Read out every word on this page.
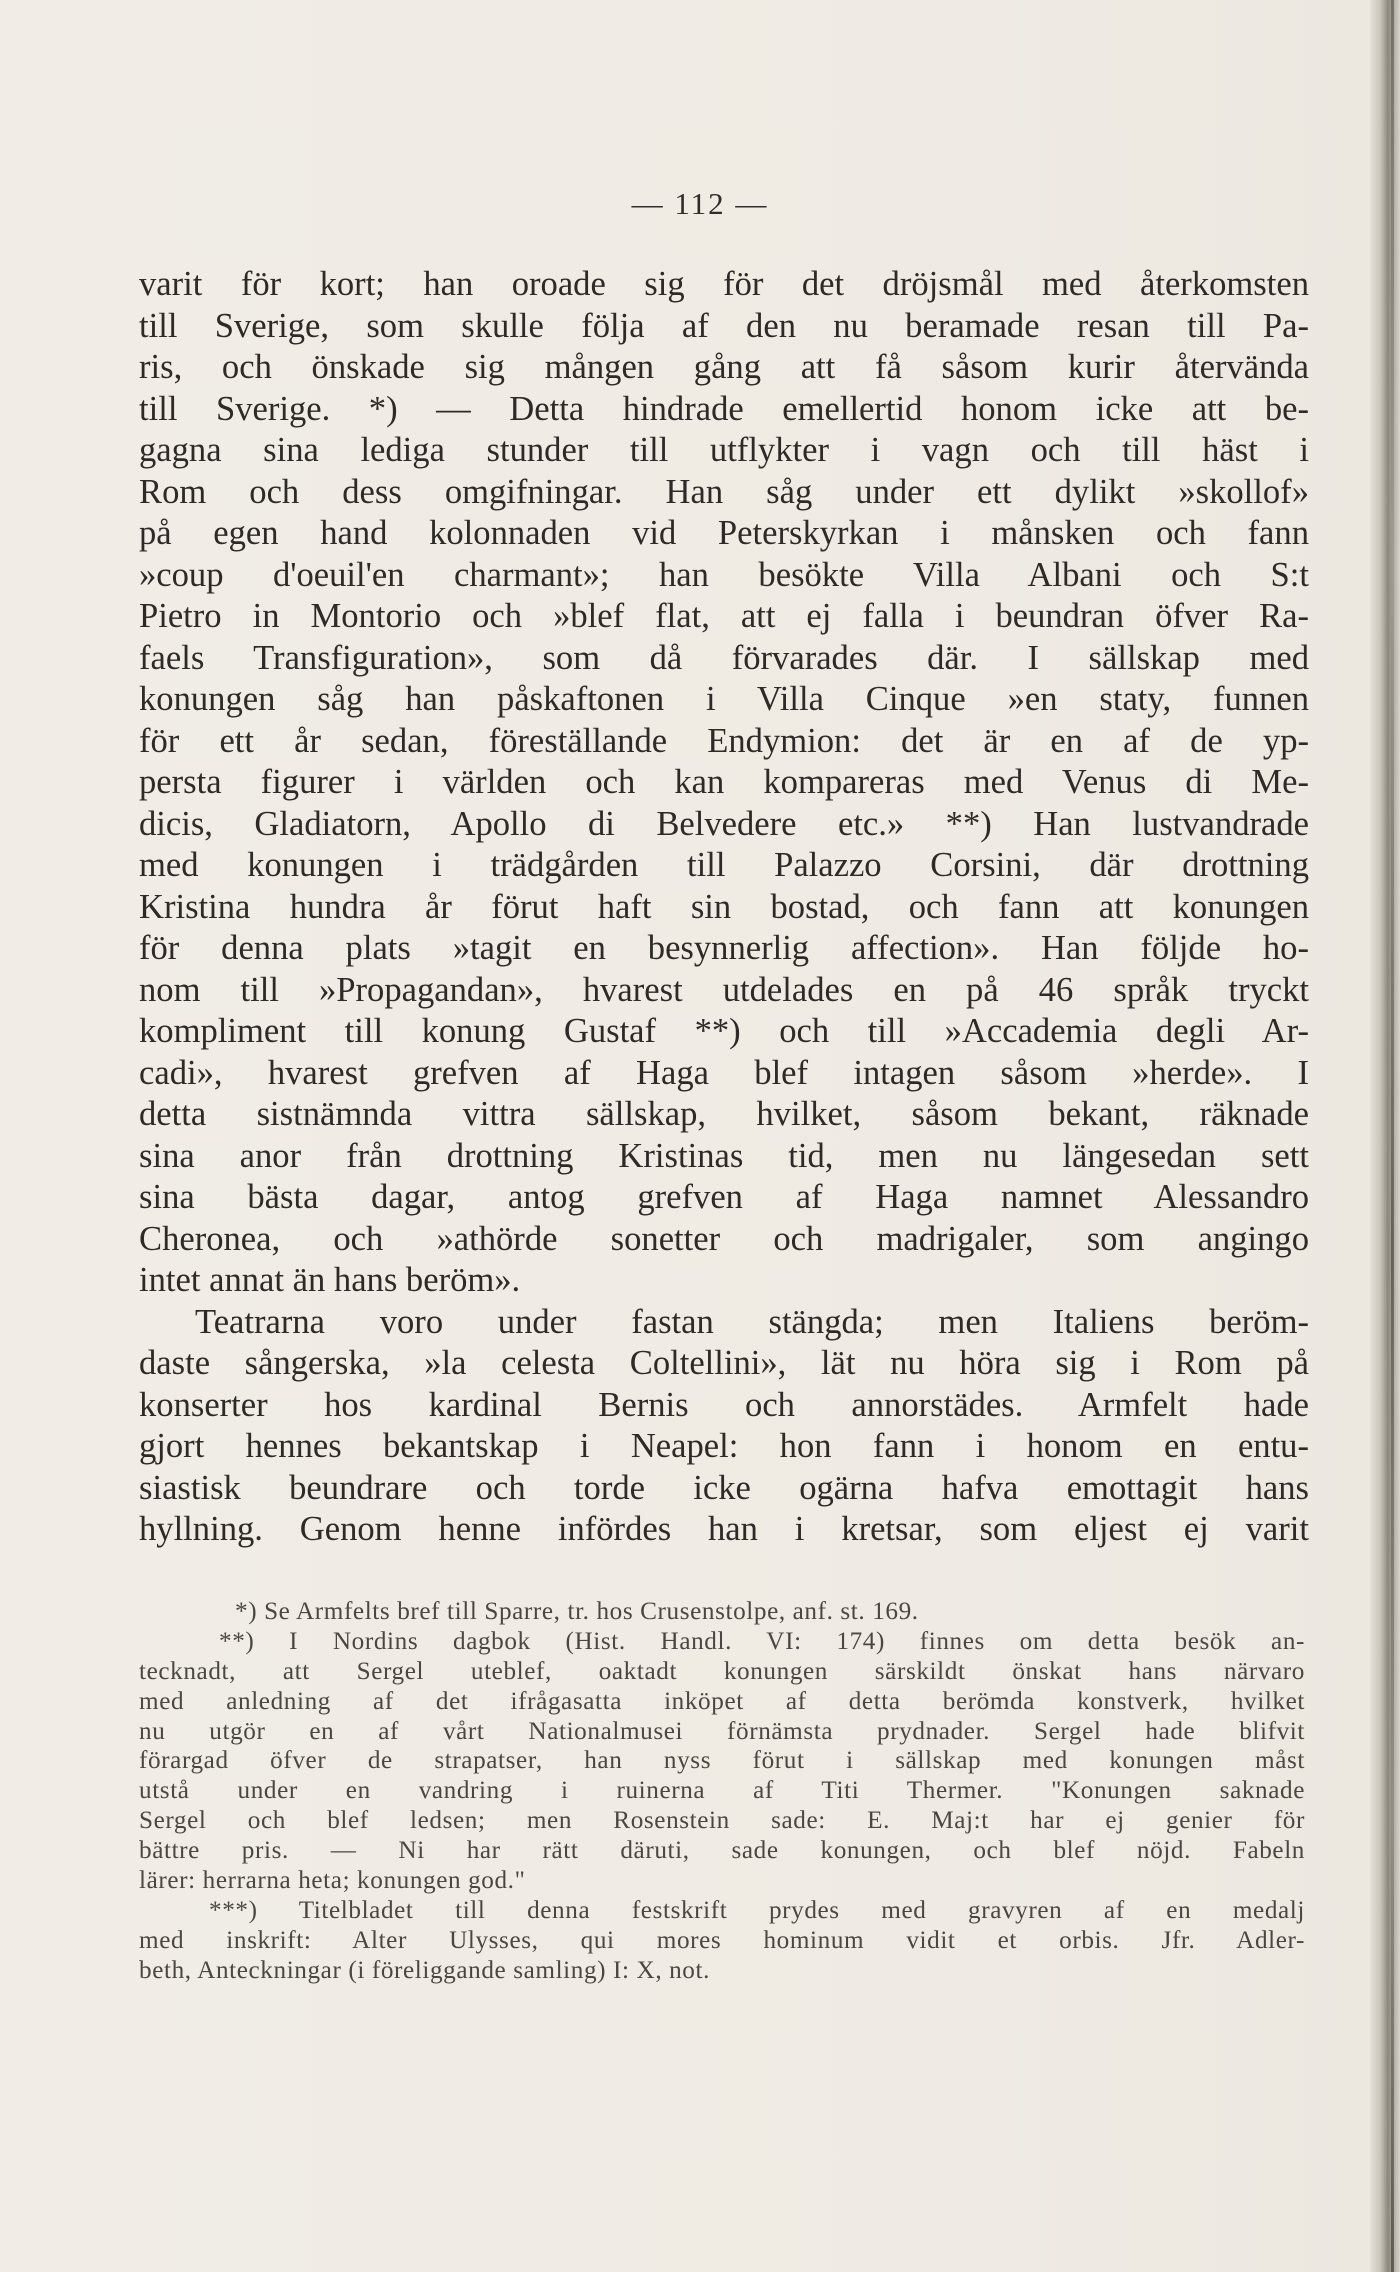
— 112 —
varit för kort; han oroade sig för det dröjsmål med återkomsten
till Sverige, som skulle följa af den nu beramade resan till Pa-
ris, och önskade sig mången gång att få såsom kurir återvända
till Sverige. *) — Detta hindrade emellertid honom icke att be-
gagna sina lediga stunder till utflykter i vagn och till häst i
Rom och dess omgifningar. Han såg under ett dylikt »skollof»
på egen hand kolonnaden vid Peterskyrkan i månsken och fann
»coup d'oeuil'en charmant»; han besökte Villa Albani och S:t
Pietro in Montorio och »blef flat, att ej falla i beundran öfver Ra-
faels Transfiguration», som då förvarades där. I sällskap med
konungen såg han påskaftonen i Villa Cinque »en staty, funnen
för ett år sedan, föreställande Endymion: det är en af de yp-
persta figurer i världen och kan kompareras med Venus di Me-
dicis, Gladiatorn, Apollo di Belvedere etc.» **) Han lustvandrade
med konungen i trädgården till Palazzo Corsini, där drottning
Kristina hundra år förut haft sin bostad, och fann att konungen
för denna plats »tagit en besynnerlig affection». Han följde ho-
nom till »Propagandan», hvarest utdelades en på 46 språk tryckt
kompliment till konung Gustaf **) och till »Accademia degli Ar-
cadi», hvarest grefven af Haga blef intagen såsom »herde». I
detta sistnämnda vittra sällskap, hvilket, såsom bekant, räknade
sina anor från drottning Kristinas tid, men nu längesedan sett
sina bästa dagar, antog grefven af Haga namnet Alessandro
Cheronea, och »athörde sonetter och madrigaler, som angingo
intet annat än hans beröm».
Teatrarna voro under fastan stängda; men Italiens beröm-
daste sångerska, »la celesta Coltellini», lät nu höra sig i Rom på
konserter hos kardinal Bernis och annorstädes. Armfelt hade
gjort hennes bekantskap i Neapel: hon fann i honom en entu-
siastisk beundrare och torde icke ogärna hafva emottagit hans
hyllning. Genom henne infördes han i kretsar, som eljest ej varit
*) Se Armfelts bref till Sparre, tr. hos Crusenstolpe, anf. st. 169.
**) I Nordins dagbok (Hist. Handl. VI: 174) finnes om detta besök an-
tecknadt, att Sergel uteblef, oaktadt konungen särskildt önskat hans närvaro
med anledning af det ifrågasatta inköpet af detta berömda konstverk, hvilket
nu utgör en af vårt Nationalmusei förnämsta prydnader. Sergel hade blifvit
förargad öfver de strapatser, han nyss förut i sällskap med konungen måst
utstå under en vandring i ruinerna af Titi Thermer. "Konungen saknade
Sergel och blef ledsen; men Rosenstein sade: E. Maj:t har ej genier för
bättre pris. — Ni har rätt däruti, sade konungen, och blef nöjd. Fabeln
lärer: herrarna heta; konungen god."
***) Titelbladet till denna festskrift prydes med gravyren af en medalj
med inskrift: Alter Ulysses, qui mores hominum vidit et orbis. Jfr. Adler-
beth, Anteckningar (i föreliggande samling) I: X, not.
